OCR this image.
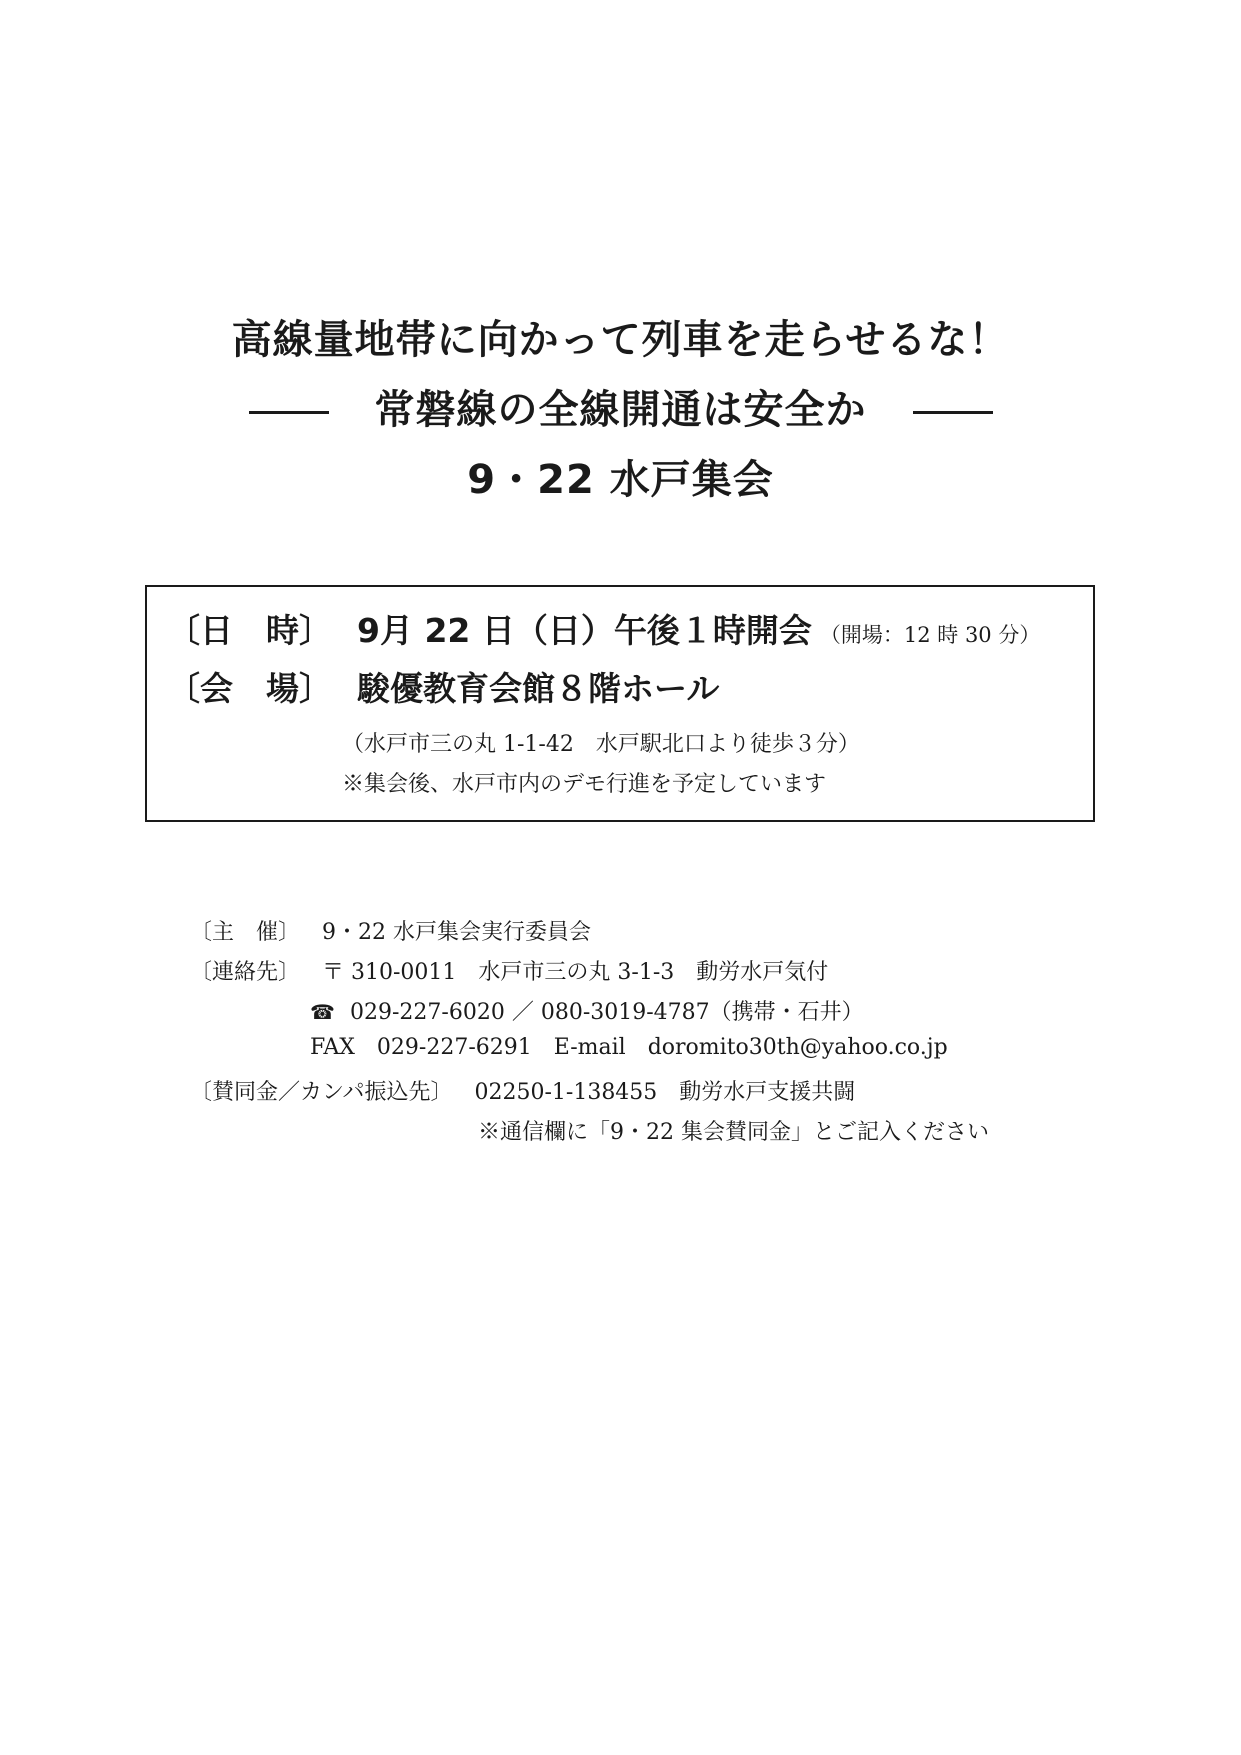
高線量地帯に向かって列車を走らせるな！
常磐線の全線開通は安全か
9・22 水戸集会
〔日　時〕 9月 22 日（日）午後１時開会 （開場：12 時 30 分）
〔会　場〕 駿優教育会館８階ホール
（水戸市三の丸 1-1-42　水戸駅北口より徒歩３分）
※集会後、水戸市内のデモ行進を予定しています
〔主　催〕 9・22 水戸集会実行委員会
〔連絡先〕 〒 310-0011　水戸市三の丸 3-1-3　動労水戸気付
☎ 029-227-6020 ／ 080-3019-4787（携帯・石井）
FAX 029-227-6291 E-mail doromito30th@yahoo.co.jp
〔賛同金／カンパ振込先〕 02250-1-138455　動労水戸支援共闘
※通信欄に「9・22 集会賛同金」とご記入ください
